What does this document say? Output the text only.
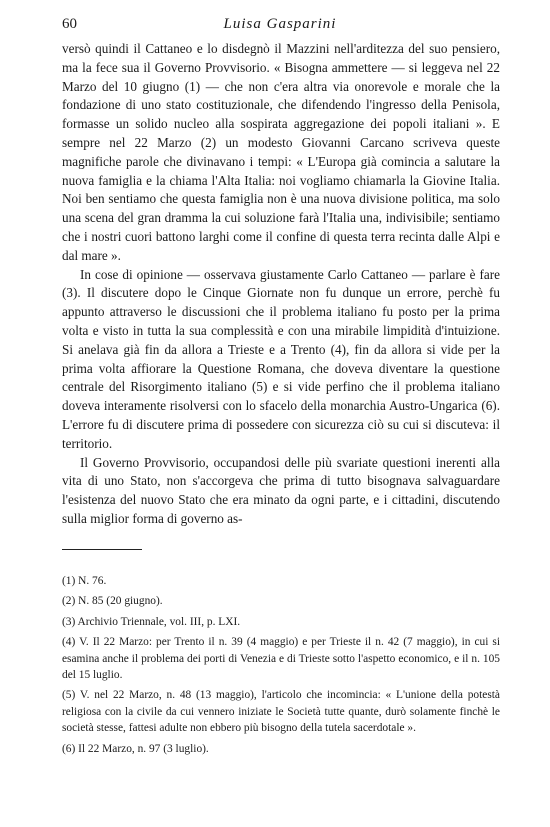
60	Luisa Gasparini

versò quindi il Cattaneo e lo disdegnò il Mazzini nell'arditezza del suo pensiero, ma la fece sua il Governo Provvisorio. « Bisogna ammettere — si leggeva nel 22 Marzo del 10 giugno (1) — che non c'era altra via onorevole e morale che la fondazione di uno stato costituzionale, che difendendo l'ingresso della Penisola, formasse un solido nucleo alla sospirata aggregazione dei popoli italiani ». E sempre nel 22 Marzo (2) un modesto Giovanni Carcano scriveva queste magnifiche parole che divinavano i tempi: « L'Europa già comincia a salutare la nuova famiglia e la chiama l'Alta Italia: noi vogliamo chiamarla la Giovine Italia. Noi ben sentiamo che questa famiglia non è una nuova divisione politica, ma solo una scena del gran dramma la cui soluzione farà l'Italia una, indivisibile; sentiamo che i nostri cuori battono larghi come il confine di questa terra recinta dalle Alpi e dal mare ».

In cose di opinione — osservava giustamente Carlo Cattaneo — parlare è fare (3). Il discutere dopo le Cinque Giornate non fu dunque un errore, perchè fu appunto attraverso le discussioni che il problema italiano fu posto per la prima volta e visto in tutta la sua complessità e con una mirabile limpidità d'intuizione. Si anelava già fin da allora a Trieste e a Trento (4), fin da allora si vide per la prima volta affiorare la Questione Romana, che doveva diventare la questione centrale del Risorgimento italiano (5) e si vide perfino che il problema italiano doveva interamente risolversi con lo sfacelo della monarchia Austro-Ungarica (6). L'errore fu di discutere prima di possedere con sicurezza ciò su cui si discuteva: il territorio.

Il Governo Provvisorio, occupandosi delle più svariate questioni inerenti alla vita di uno Stato, non s'accorgeva che prima di tutto bisognava salvaguardare l'esistenza del nuovo Stato che era minato da ogni parte, e i cittadini, discutendo sulla miglior forma di governo as-

(1) N. 76.

(2) N. 85 (20 giugno).

(3) Archivio Triennale, vol. III, p. LXI.

(4) V. Il 22 Marzo: per Trento il n. 39 (4 maggio) e per Trieste il n. 42 (7 maggio), in cui si esamina anche il problema dei porti di Venezia e di Trieste sotto l'aspetto economico, e il n. 105 del 15 luglio.

(5) V. nel 22 Marzo, n. 48 (13 maggio), l'articolo che incomincia: « L'unione della potestà religiosa con la civile da cui vennero iniziate le Società tutte quante, durò solamente finchè le società stesse, fattesi adulte non ebbero più bisogno della tutela sacerdotale ».

(6) Il 22 Marzo, n. 97 (3 luglio).
